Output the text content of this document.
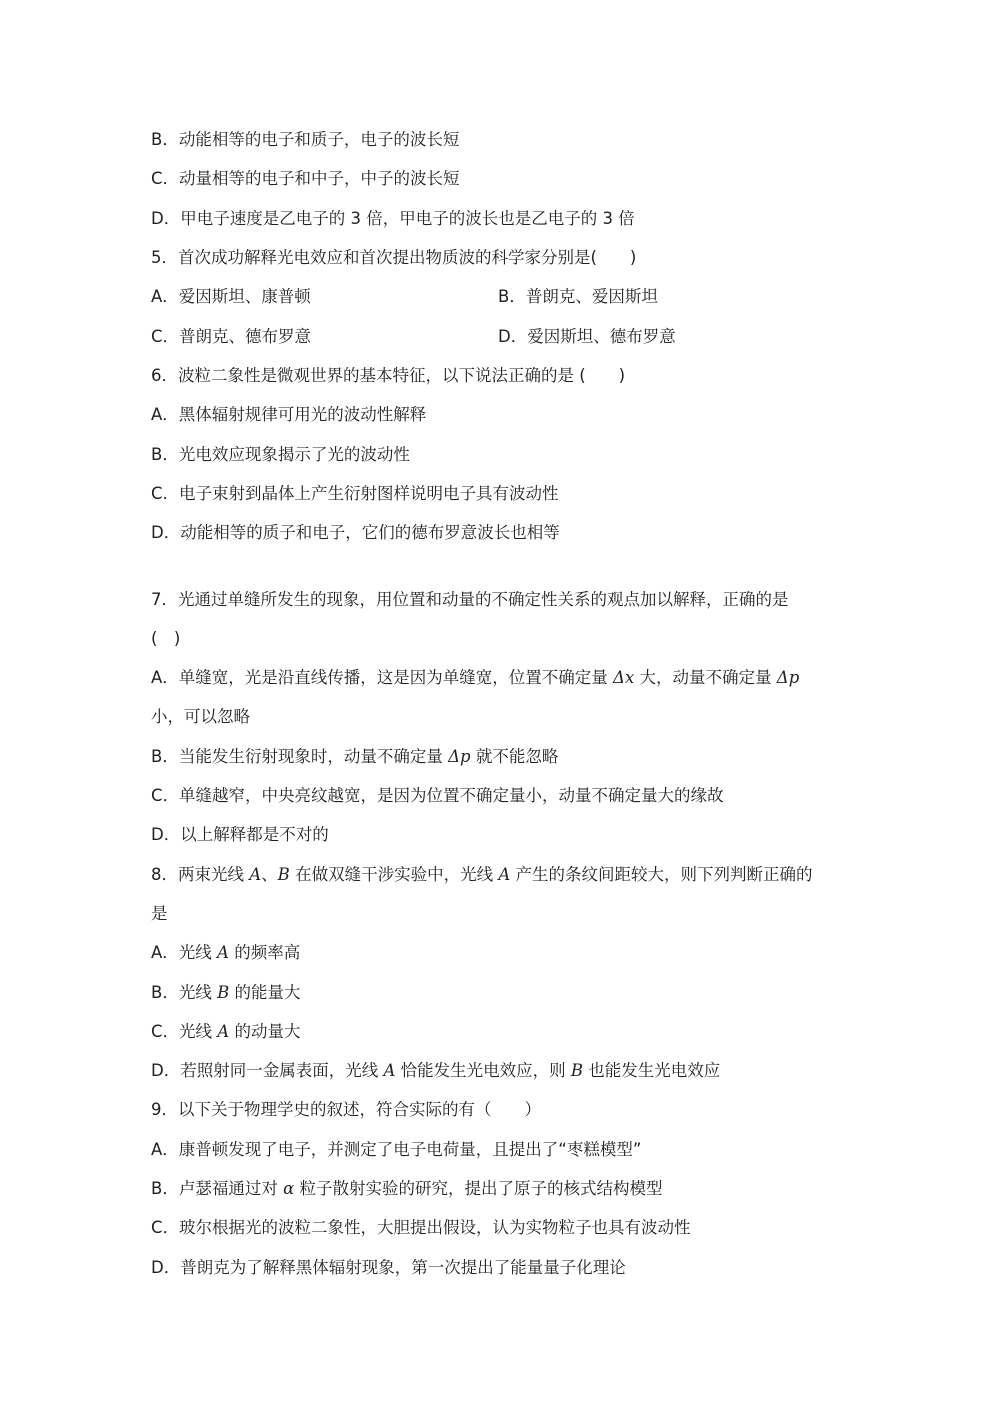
B．动能相等的电子和质子，电子的波长短
C．动量相等的电子和中子，中子的波长短
D．甲电子速度是乙电子的 3 倍，甲电子的波长也是乙电子的 3 倍
5．首次成功解释光电效应和首次提出物质波的科学家分别是(　　)
A．爱因斯坦、康普顿	B．普朗克、爱因斯坦
C．普朗克、德布罗意	D．爱因斯坦、德布罗意
6．波粒二象性是微观世界的基本特征，以下说法正确的是 (　　)
A．黑体辐射规律可用光的波动性解释
B．光电效应现象揭示了光的波动性
C．电子束射到晶体上产生衍射图样说明电子具有波动性
D．动能相等的质子和电子，它们的德布罗意波长也相等
7．光通过单缝所发生的现象，用位置和动量的不确定性关系的观点加以解释，正确的是
(　)
A．单缝宽，光是沿直线传播，这是因为单缝宽，位置不确定量 Δx 大，动量不确定量 Δp
小，可以忽略
B．当能发生衍射现象时，动量不确定量 Δp 就不能忽略
C．单缝越窄，中央亮纹越宽，是因为位置不确定量小，动量不确定量大的缘故
D．以上解释都是不对的
8．两束光线 A、B 在做双缝干涉实验中，光线 A 产生的条纹间距较大，则下列判断正确的
是
A．光线 A 的频率高
B．光线 B 的能量大
C．光线 A 的动量大
D．若照射同一金属表面，光线 A 恰能发生光电效应，则 B 也能发生光电效应
9．以下关于物理学史的叙述，符合实际的有（　　）
A．康普顿发现了电子，并测定了电子电荷量，且提出了“枣糕模型”
B．卢瑟福通过对 α 粒子散射实验的研究，提出了原子的核式结构模型
C．玻尔根据光的波粒二象性，大胆提出假设，认为实物粒子也具有波动性
D．普朗克为了解释黑体辐射现象，第一次提出了能量量子化理论
